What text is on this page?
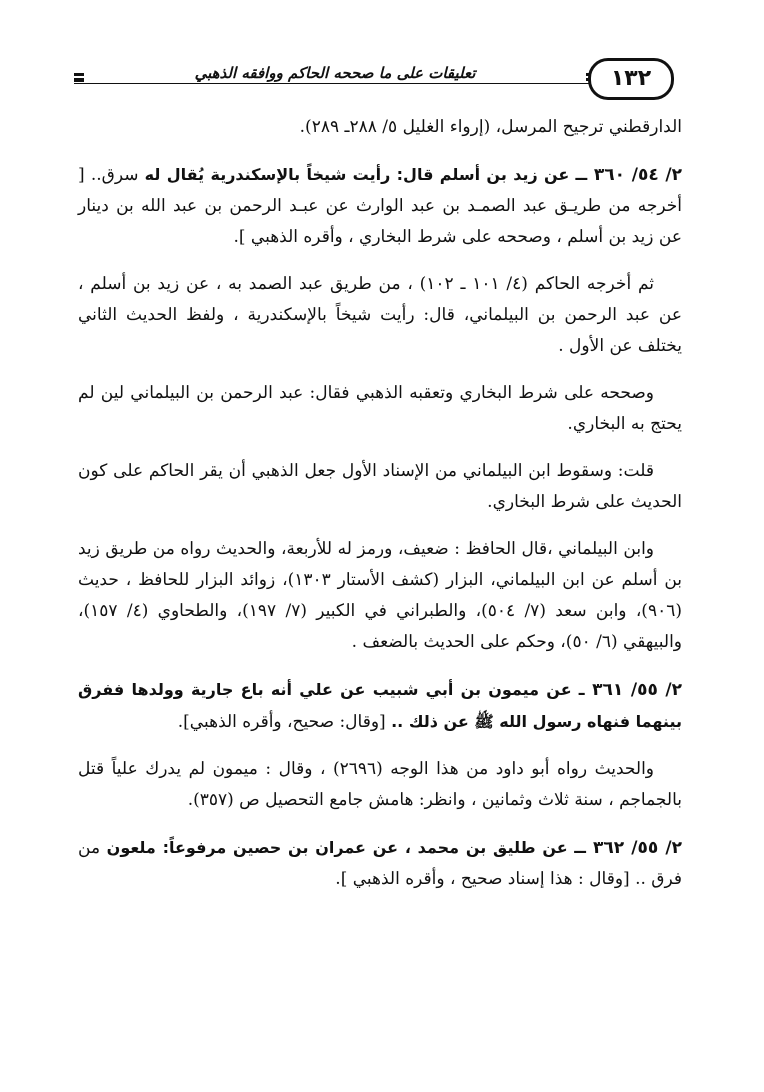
تعليقات على ما صححه الحاكم ووافقه الذهبي	١٣٢

الدارقطني ترجيح المرسل، (إرواء الغليل ٥/ ٢٨٨ـ ٢٨٩).

٢/ ٥٤/ ٣٦٠ ــ عن زيد بن أسلم قال: رأيت شيخاً بالإسكندرية يُقال له سرق.. [ أخرجه من طريـق عبد الصمـد بن عبد الوارث عن عبـد الرحمن بن عبد الله بن دينار عن زيد بن أسلم ، وصححه على شرط البخاري ، وأقره الذهبي ].

ثم أخرجه الحاكم (٤/ ١٠١ ـ ١٠٢) ، من طريق عبد الصمد به ، عن زيد بن أسلم ، عن عبد الرحمن بن البيلماني، قال: رأيت شيخاً بالإسكندرية ، ولفظ الحديث الثاني يختلف عن الأول .

وصححه على شرط البخاري وتعقبه الذهبي فقال: عبد الرحمن بن البيلماني لين لم يحتج به البخاري.

قلت: وسقوط ابن البيلماني من الإسناد الأول جعل الذهبي أن يقر الحاكم على كون الحديث على شرط البخاري.

وابن البيلماني ،قال الحافظ : ضعيف، ورمز له للأربعة، والحديث رواه من طريق زيد بن أسلم عن ابن البيلماني، البزار (كشف الأستار ١٣٠٣)، زوائد البزار للحافظ ، حديث (٩٠٦)، وابن سعد (٧/ ٥٠٤)، والطبراني في الكبير (٧/ ١٩٧)، والطحاوي (٤/ ١٥٧)، والبيهقي (٦/ ٥٠)، وحكم على الحديث بالضعف .

٢/ ٥٥/ ٣٦١ ـ عن ميمون بن أبي شبيب عن علي أنه باع جارية وولدها ففرق بينهما فنهاه رسول الله ﷺ عن ذلك .. [وقال: صحيح، وأقره الذهبي].

والحديث رواه أبو داود من هذا الوجه (٢٦٩٦) ، وقال : ميمون لم يدرك علياً قتل بالجماجم ، سنة ثلاث وثمانين ، وانظر: هامش جامع التحصيل ص (٣٥٧).

٢/ ٥٥/ ٣٦٢ ــ عن طليق بن محمد ، عن عمران بن حصين مرفوعاً: ملعون من فرق .. [وقال : هذا إسناد صحيح ، وأقره الذهبي ].
